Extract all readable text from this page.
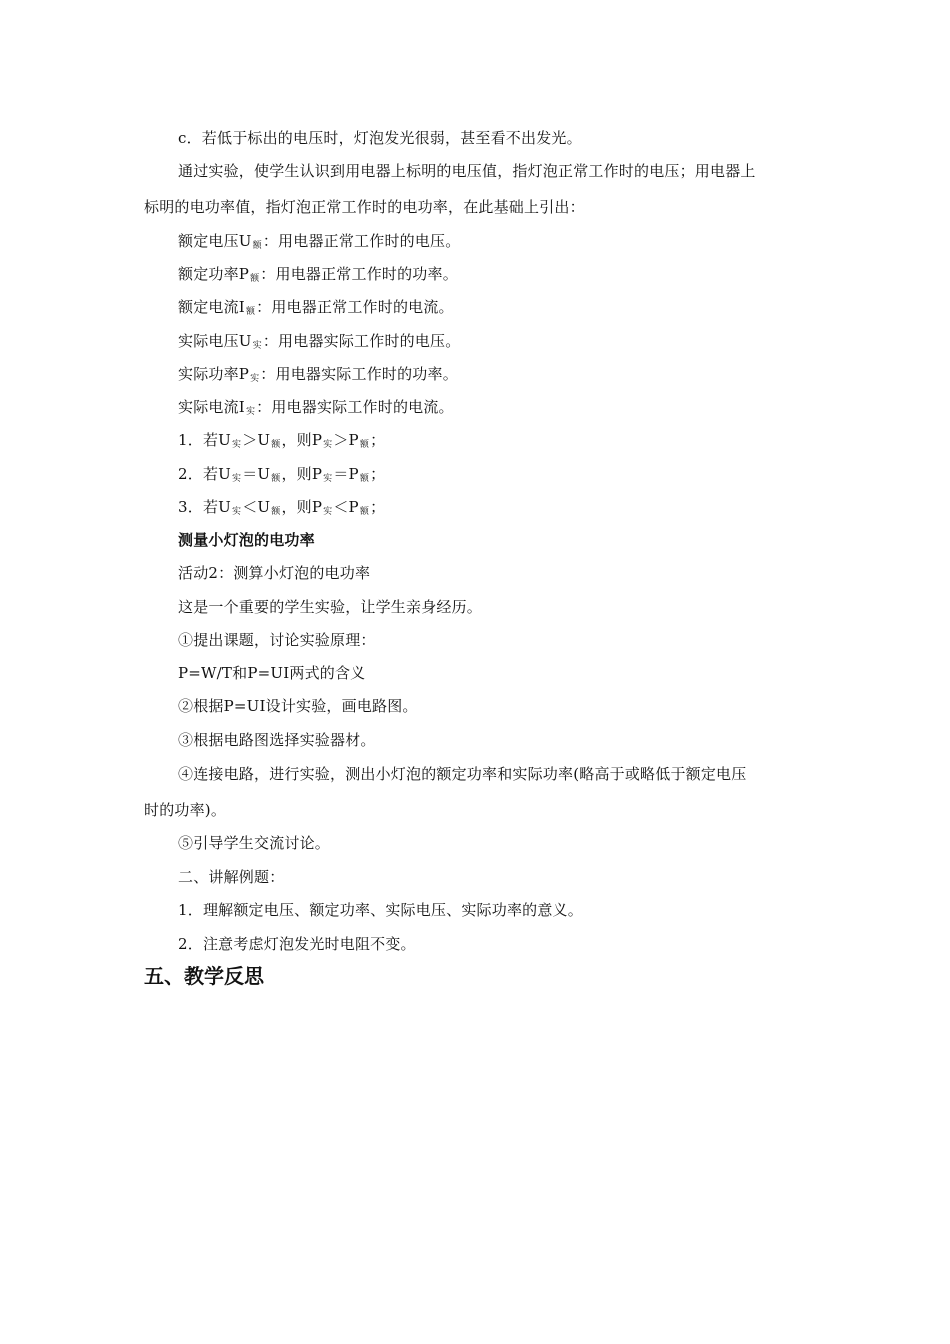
c．若低于标出的电压时，灯泡发光很弱，甚至看不出发光。
通过实验，使学生认识到用电器上标明的电压值，指灯泡正常工作时的电压；用电器上
标明的电功率值，指灯泡正常工作时的电功率，在此基础上引出：
额定电压$U_额$：用电器正常工作时的电压。
额定功率$P_额$：用电器正常工作时的功率。
额定电流$I_额$：用电器正常工作时的电流。
实际电压$U_实$：用电器实际工作时的电压。
实际功率$P_实$：用电器实际工作时的功率。
实际电流$I_实$：用电器实际工作时的电流。
1．若$U_实>U_额$，则$P_实>P_额$；
2．若$U_实=U_额$，则$P_实=P_额$；
3．若$U_实<U_额$，则$P_实<P_额$；
测量小灯泡的电功率
活动2：测算小灯泡的电功率
这是一个重要的学生实验，让学生亲身经历。
①提出课题，讨论实验原理：
P=W/T和P=UI两式的含义
②根据P=UI设计实验，画电路图。
③根据电路图选择实验器材。
④连接电路，进行实验，测出小灯泡的额定功率和实际功率(略高于或略低于额定电压
时的功率)。
⑤引导学生交流讨论。
二、讲解例题：
1．理解额定电压、额定功率、实际电压、实际功率的意义。
2．注意考虑灯泡发光时电阻不变。
五、教学反思
